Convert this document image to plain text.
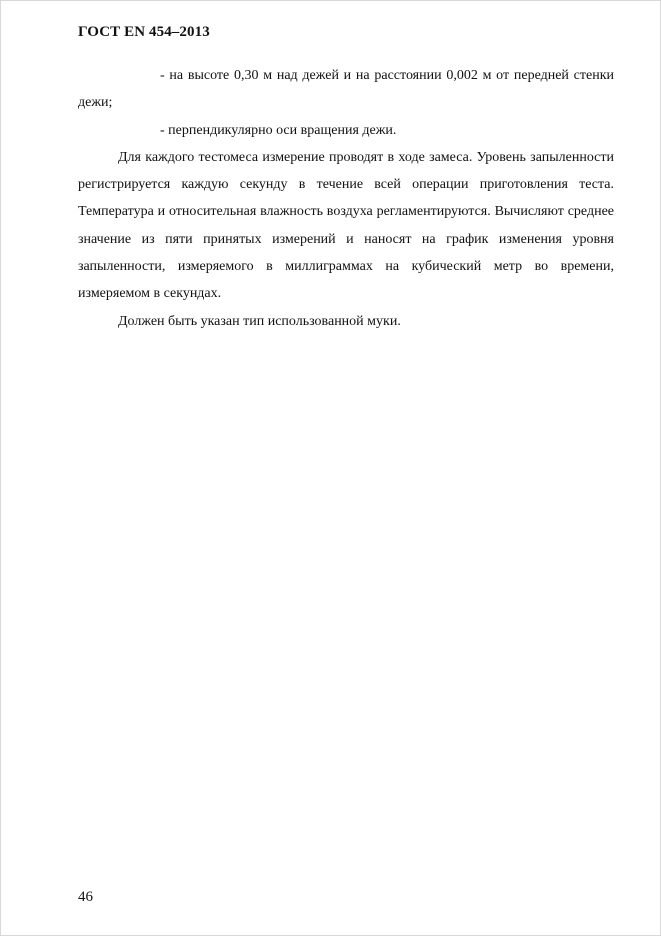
ГОСТ EN 454–2013

- на высоте 0,30 м над дежей и на расстоянии 0,002 м от передней стенки дежи;

- перпендикулярно оси вращения дежи.

Для каждого тестомеса измерение проводят в ходе замеса. Уровень запыленности регистрируется каждую секунду в течение всей операции приготовления теста. Температура и относительная влажность воздуха регламентируются. Вычисляют среднее значение из пяти принятых измерений и наносят на график изменения уровня запыленности, измеряемого в миллиграммах на кубический метр во времени, измеряемом в секундах.

Должен быть указан тип использованной муки.

46
